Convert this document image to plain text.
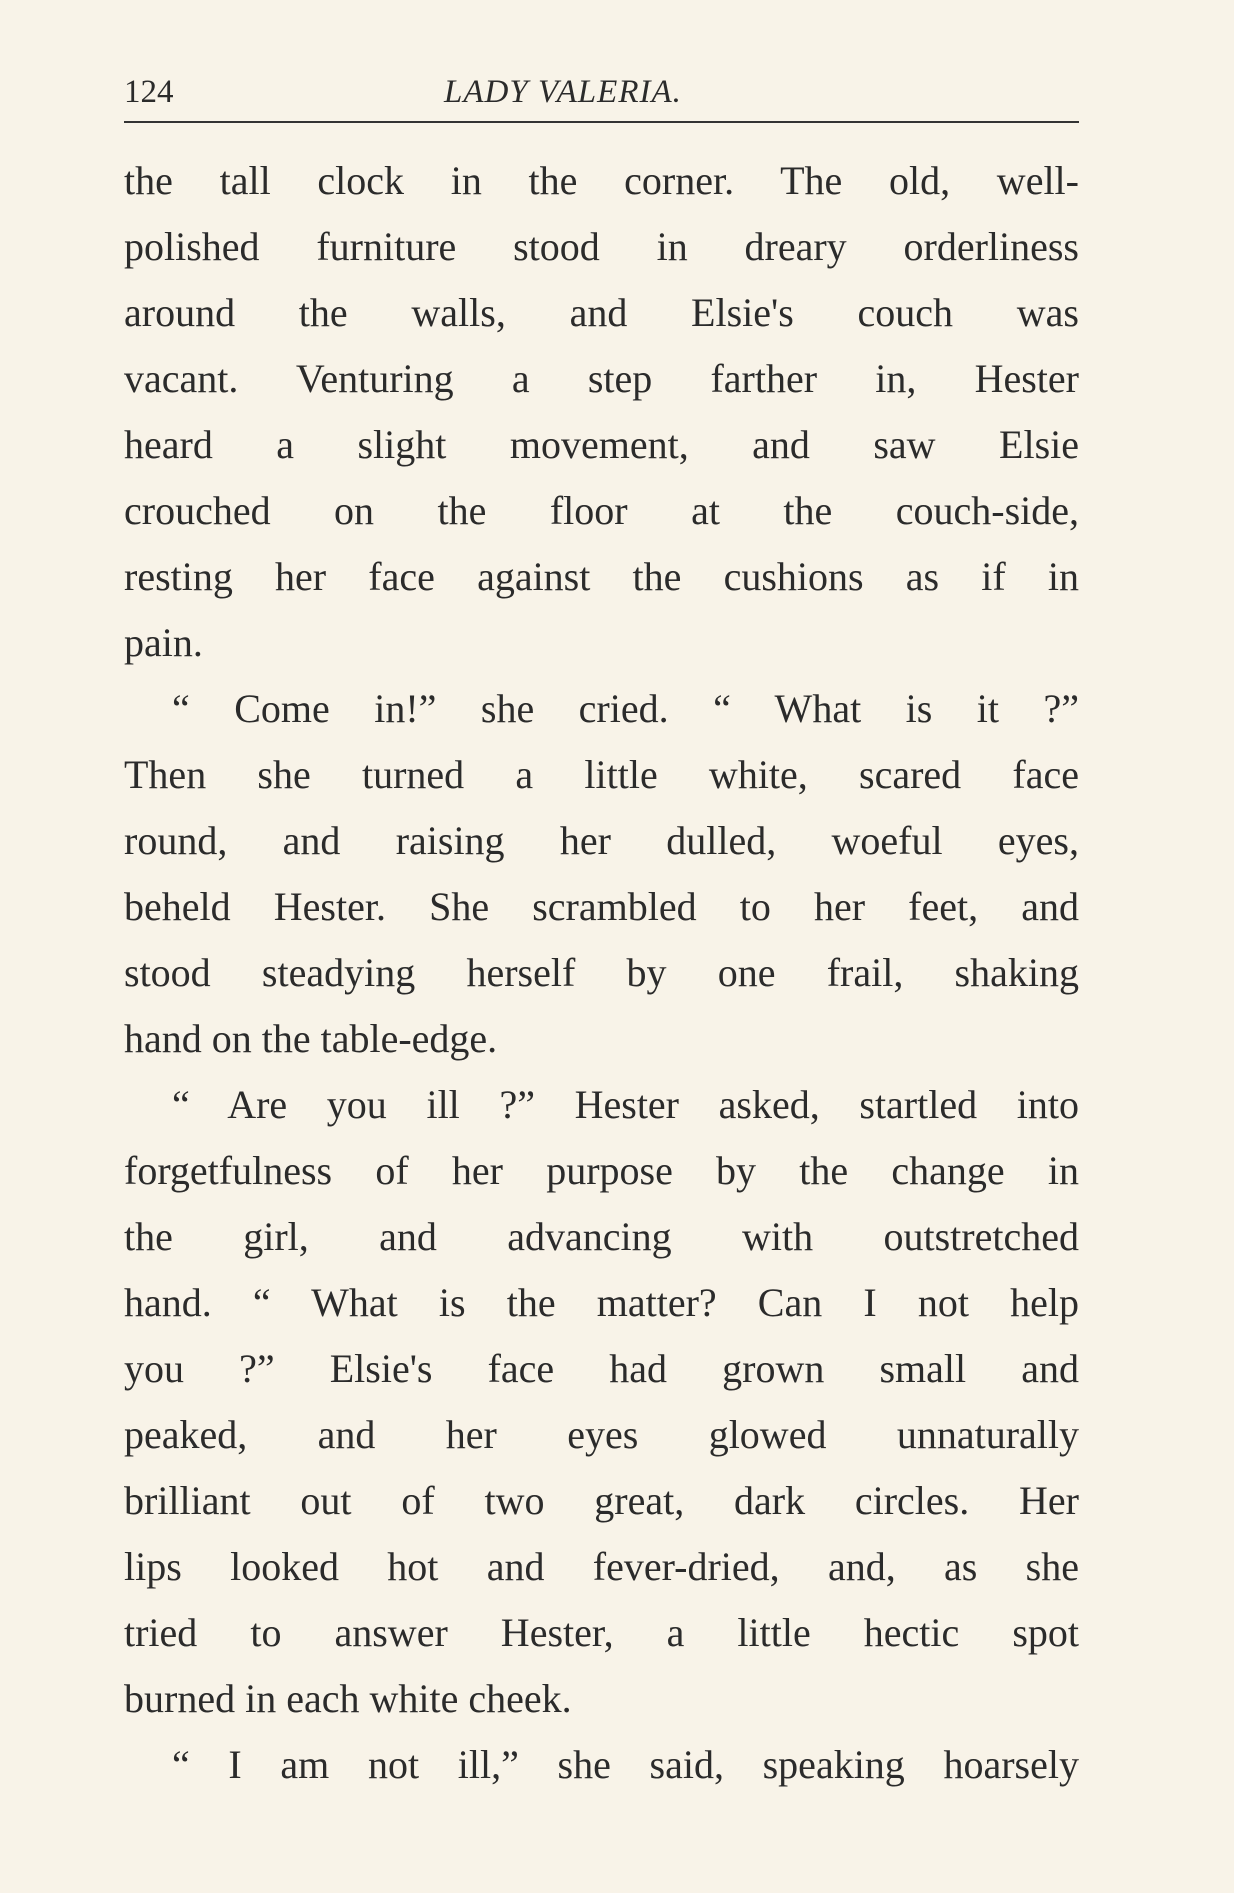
124	LADY VALERIA.
the tall clock in the corner. The old, well-
polished furniture stood in dreary orderliness
around the walls, and Elsie's couch was
vacant. Venturing a step farther in, Hester
heard a slight movement, and saw Elsie
crouched on the floor at the couch-side,
resting her face against the cushions as if in
pain.
“ Come in!” she cried. “ What is it ?”
Then she turned a little white, scared face
round, and raising her dulled, woeful eyes,
beheld Hester. She scrambled to her feet, and
stood steadying herself by one frail, shaking
hand on the table-edge.
“ Are you ill ?” Hester asked, startled into
forgetfulness of her purpose by the change in
the girl, and advancing with outstretched
hand. “ What is the matter? Can I not help
you ?” Elsie's face had grown small and
peaked, and her eyes glowed unnaturally
brilliant out of two great, dark circles. Her
lips looked hot and fever-dried, and, as she
tried to answer Hester, a little hectic spot
burned in each white cheek.
“ I am not ill,” she said, speaking hoarsely
